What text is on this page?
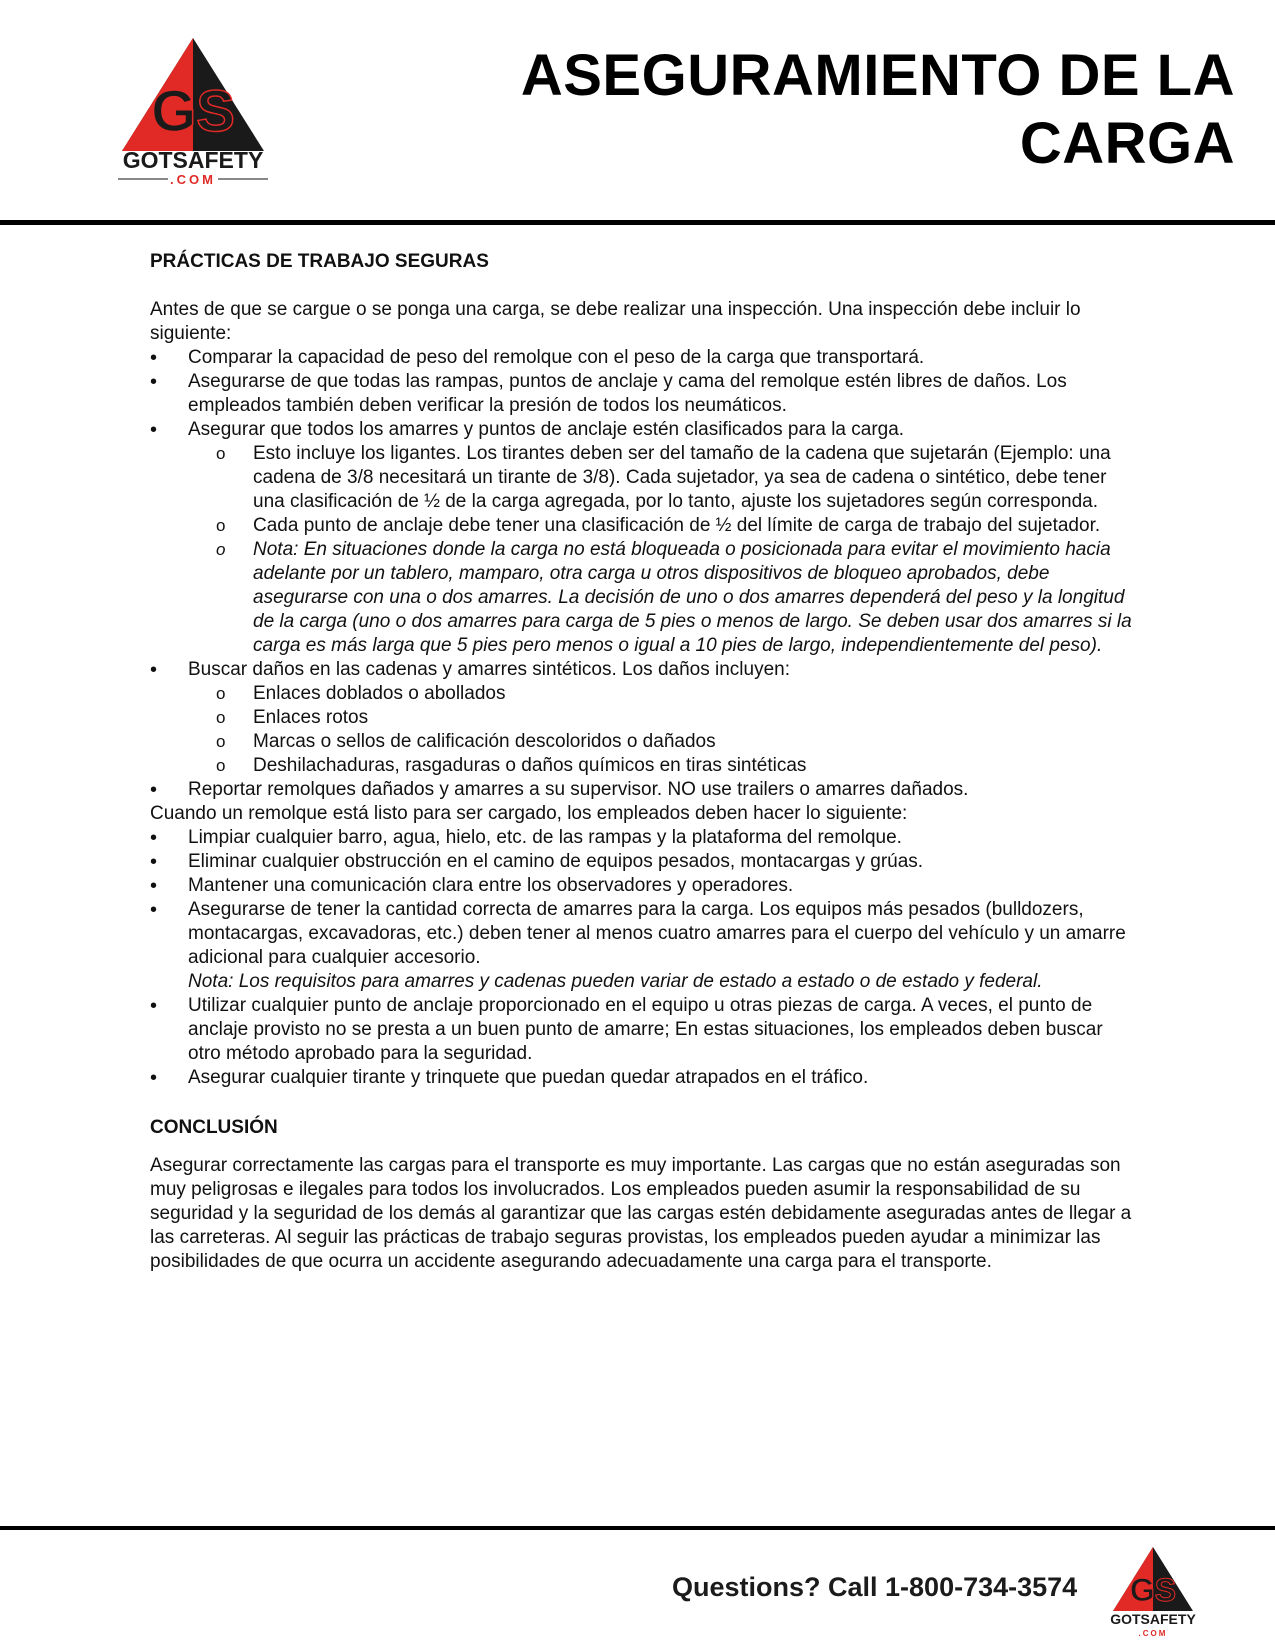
GS
GOTSAFETY
.COM
ASEGURAMIENTO DE LA
CARGA
PRÁCTICAS DE TRABAJO SEGURAS

Antes de que se cargue o se ponga una carga, se debe realizar una inspección. Una inspección debe incluir lo siguiente:

• Comparar la capacidad de peso del remolque con el peso de la carga que transportará.
• Asegurarse de que todas las rampas, puntos de anclaje y cama del remolque estén libres de daños. Los empleados también deben verificar la presión de todos los neumáticos.
• Asegurar que todos los amarres y puntos de anclaje estén clasificados para la carga.
o Esto incluye los ligantes. Los tirantes deben ser del tamaño de la cadena que sujetarán (Ejemplo: una cadena de 3/8 necesitará un tirante de 3/8). Cada sujetador, ya sea de cadena o sintético, debe tener una clasificación de ½ de la carga agregada, por lo tanto, ajuste los sujetadores según corresponda.
o Cada punto de anclaje debe tener una clasificación de ½ del límite de carga de trabajo del sujetador.
o Nota: En situaciones donde la carga no está bloqueada o posicionada para evitar el movimiento hacia adelante por un tablero, mamparo, otra carga u otros dispositivos de bloqueo aprobados, debe asegurarse con una o dos amarres. La decisión de uno o dos amarres dependerá del peso y la longitud de la carga (uno o dos amarres para carga de 5 pies o menos de largo. Se deben usar dos amarres si la carga es más larga que 5 pies pero menos o igual a 10 pies de largo, independientemente del peso).
• Buscar daños en las cadenas y amarres sintéticos. Los daños incluyen:
o Enlaces doblados o abollados
o Enlaces rotos
o Marcas o sellos de calificación descoloridos o dañados
o Deshilachaduras, rasgaduras o daños químicos en tiras sintéticas
• Reportar remolques dañados y amarres a su supervisor. NO use trailers o amarres dañados.

Cuando un remolque está listo para ser cargado, los empleados deben hacer lo siguiente:

• Limpiar cualquier barro, agua, hielo, etc. de las rampas y la plataforma del remolque.
• Eliminar cualquier obstrucción en el camino de equipos pesados, montacargas y grúas.
• Mantener una comunicación clara entre los observadores y operadores.
• Asegurarse de tener la cantidad correcta de amarres para la carga. Los equipos más pesados (bulldozers, montacargas, excavadoras, etc.) deben tener al menos cuatro amarres para el cuerpo del vehículo y un amarre adicional para cualquier accesorio.
Nota: Los requisitos para amarres y cadenas pueden variar de estado a estado o de estado y federal.
• Utilizar cualquier punto de anclaje proporcionado en el equipo u otras piezas de carga. A veces, el punto de anclaje provisto no se presta a un buen punto de amarre; En estas situaciones, los empleados deben buscar otro método aprobado para la seguridad.
• Asegurar cualquier tirante y trinquete que puedan quedar atrapados en el tráfico.
CONCLUSIÓN

Asegurar correctamente las cargas para el transporte es muy importante. Las cargas que no están aseguradas son muy peligrosas e ilegales para todos los involucrados. Los empleados pueden asumir la responsabilidad de su seguridad y la seguridad de los demás al garantizar que las cargas estén debidamente aseguradas antes de llegar a las carreteras. Al seguir las prácticas de trabajo seguras provistas, los empleados pueden ayudar a minimizar las posibilidades de que ocurra un accidente asegurando adecuadamente una carga para el transporte.

Questions? Call 1-800-734-3574 GS
GOTSAFETY
.COM
